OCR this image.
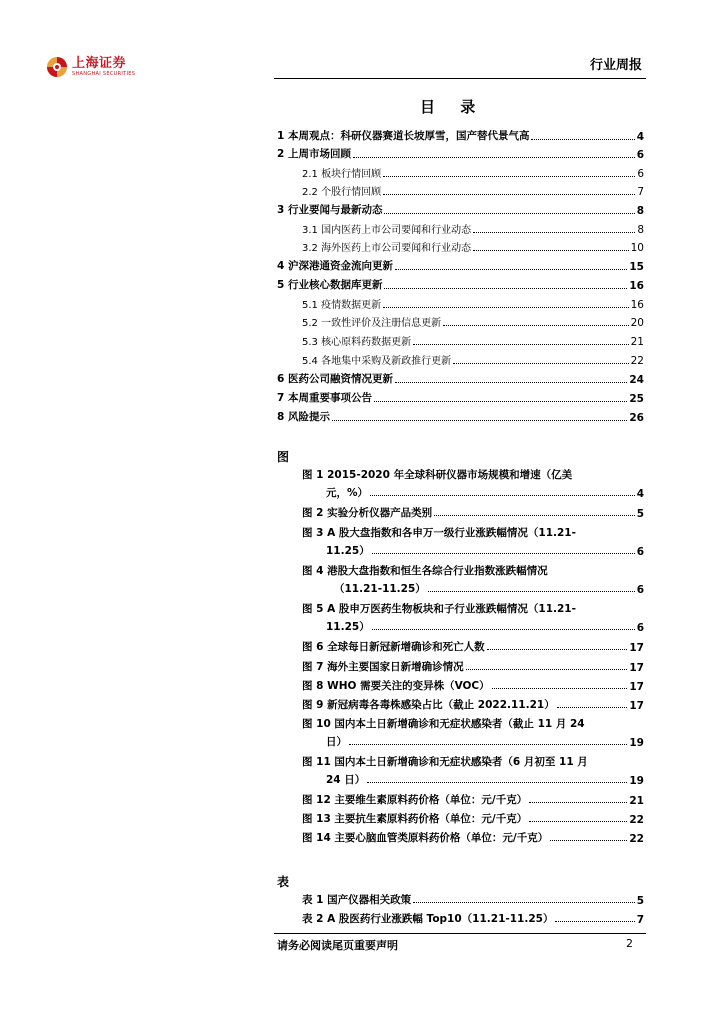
上海证券
SHANGHAI SECURITIES
行业周报
目 录
1 本周观点：科研仪器赛道长坡厚雪，国产替代景气高	4
2 上周市场回顾	6
2.1 板块行情回顾	6
2.2 个股行情回顾	7
3 行业要闻与最新动态	8
3.1 国内医药上市公司要闻和行业动态	8
3.2 海外医药上市公司要闻和行业动态	10
4 沪深港通资金流向更新	15
5 行业核心数据库更新	16
5.1 疫情数据更新	16
5.2 一致性评价及注册信息更新	20
5.3 核心原料药数据更新	21
5.4 各地集中采购及新政推行更新	22
6 医药公司融资情况更新	24
7 本周重要事项公告	25
8 风险提示	26
图
图 1 2015-2020 年全球科研仪器市场规模和增速（亿美
元，%）	4
图 2 实验分析仪器产品类别	5
图 3 A 股大盘指数和各申万一级行业涨跌幅情况（11.21-
11.25）	6
图 4 港股大盘指数和恒生各综合行业指数涨跌幅情况
（11.21-11.25）	6
图 5 A 股申万医药生物板块和子行业涨跌幅情况（11.21-
11.25）	6
图 6 全球每日新冠新增确诊和死亡人数	17
图 7 海外主要国家日新增确诊情况	17
图 8 WHO 需要关注的变异株（VOC）	17
图 9 新冠病毒各毒株感染占比（截止 2022.11.21）	17
图 10 国内本土日新增确诊和无症状感染者（截止 11 月 24
日）	19
图 11 国内本土日新增确诊和无症状感染者（6 月初至 11 月
24 日）	19
图 12 主要维生素原料药价格（单位：元/千克）	21
图 13 主要抗生素原料药价格（单位：元/千克）	22
图 14 主要心脑血管类原料药价格（单位：元/千克）	22
表
表 1 国产仪器相关政策	5
表 2 A 股医药行业涨跌幅 Top10（11.21-11.25）	7
请务必阅读尾页重要声明	2
